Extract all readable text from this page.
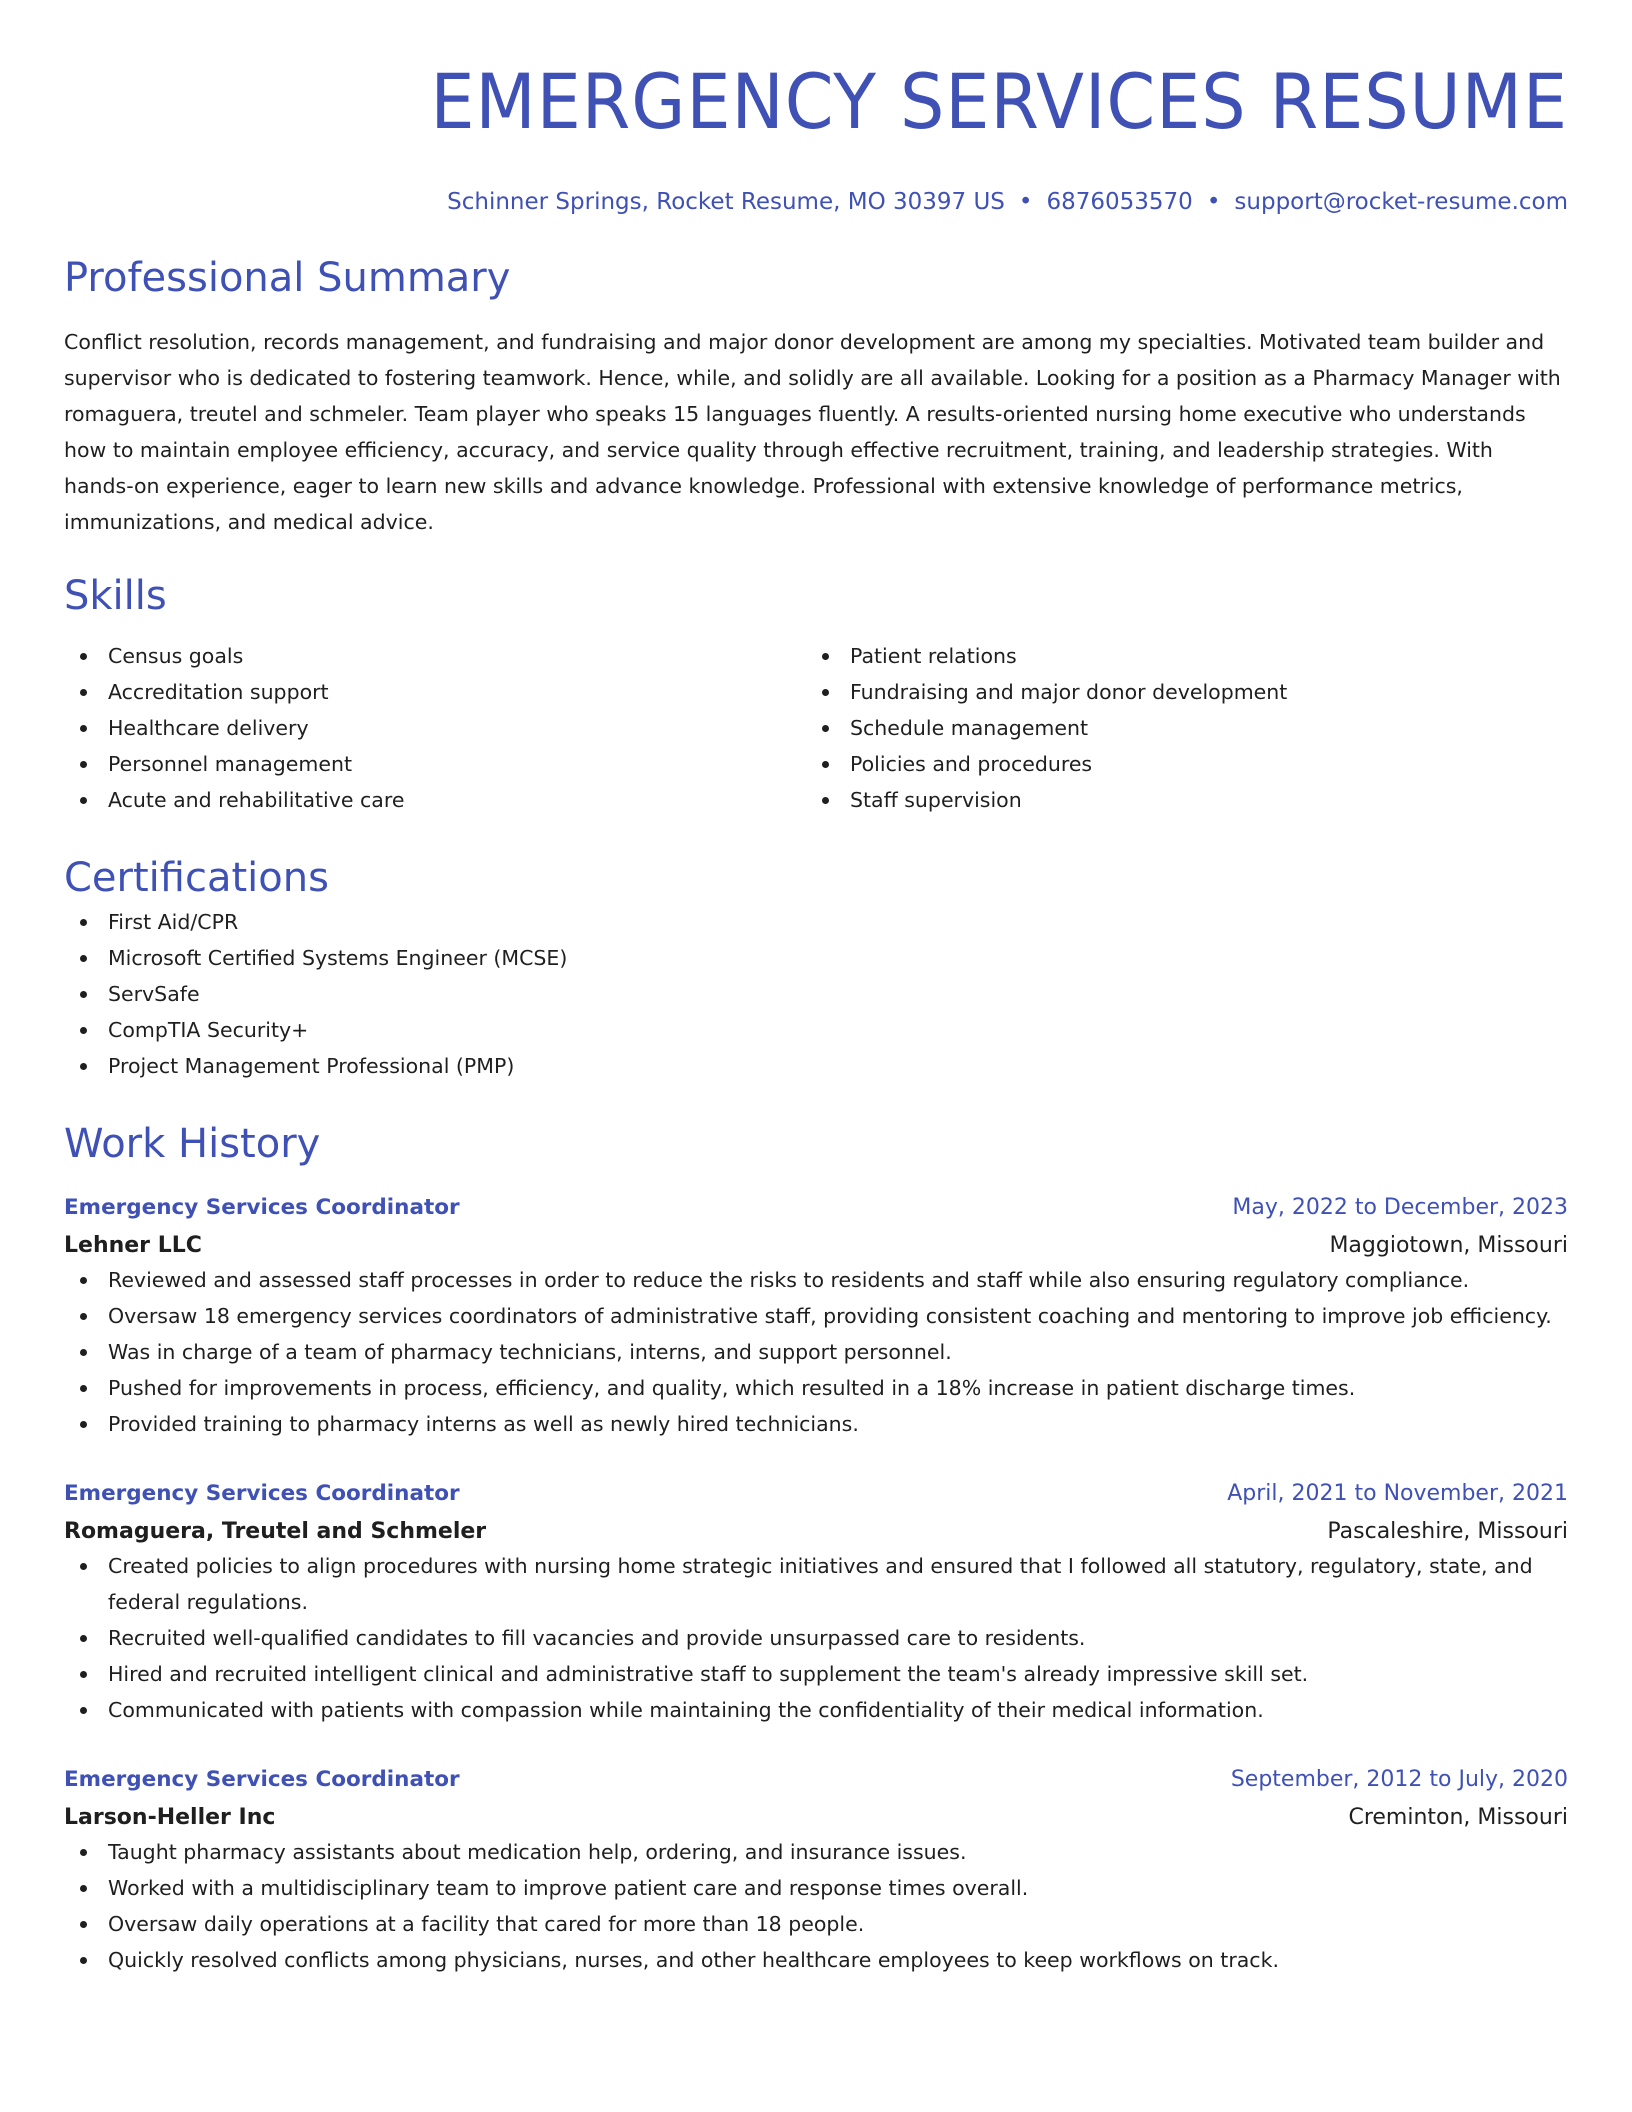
EMERGENCY SERVICES RESUME
Schinner Springs, Rocket Resume, MO 30397 US • 6876053570 • support@rocket-resume.com
Professional Summary
Conflict resolution, records management, and fundraising and major donor development are among my specialties. Motivated team builder and supervisor who is dedicated to fostering teamwork. Hence, while, and solidly are all available. Looking for a position as a Pharmacy Manager with romaguera, treutel and schmeler. Team player who speaks 15 languages fluently. A results-oriented nursing home executive who understands how to maintain employee efficiency, accuracy, and service quality through effective recruitment, training, and leadership strategies. With hands-on experience, eager to learn new skills and advance knowledge. Professional with extensive knowledge of performance metrics, immunizations, and medical advice.
Skills
Census goals
Accreditation support
Healthcare delivery
Personnel management
Acute and rehabilitative care
Patient relations
Fundraising and major donor development
Schedule management
Policies and procedures
Staff supervision
Certifications
First Aid/CPR
Microsoft Certified Systems Engineer (MCSE)
ServSafe
CompTIA Security+
Project Management Professional (PMP)
Work History
Emergency Services Coordinator	May, 2022 to December, 2023
Lehner LLC	Maggiotown, Missouri
Reviewed and assessed staff processes in order to reduce the risks to residents and staff while also ensuring regulatory compliance.
Oversaw 18 emergency services coordinators of administrative staff, providing consistent coaching and mentoring to improve job efficiency.
Was in charge of a team of pharmacy technicians, interns, and support personnel.
Pushed for improvements in process, efficiency, and quality, which resulted in a 18% increase in patient discharge times.
Provided training to pharmacy interns as well as newly hired technicians.
Emergency Services Coordinator	April, 2021 to November, 2021
Romaguera, Treutel and Schmeler	Pascaleshire, Missouri
Created policies to align procedures with nursing home strategic initiatives and ensured that I followed all statutory, regulatory, state, and federal regulations.
Recruited well-qualified candidates to fill vacancies and provide unsurpassed care to residents.
Hired and recruited intelligent clinical and administrative staff to supplement the team's already impressive skill set.
Communicated with patients with compassion while maintaining the confidentiality of their medical information.
Emergency Services Coordinator	September, 2012 to July, 2020
Larson-Heller Inc	Creminton, Missouri
Taught pharmacy assistants about medication help, ordering, and insurance issues.
Worked with a multidisciplinary team to improve patient care and response times overall.
Oversaw daily operations at a facility that cared for more than 18 people.
Quickly resolved conflicts among physicians, nurses, and other healthcare employees to keep workflows on track.
